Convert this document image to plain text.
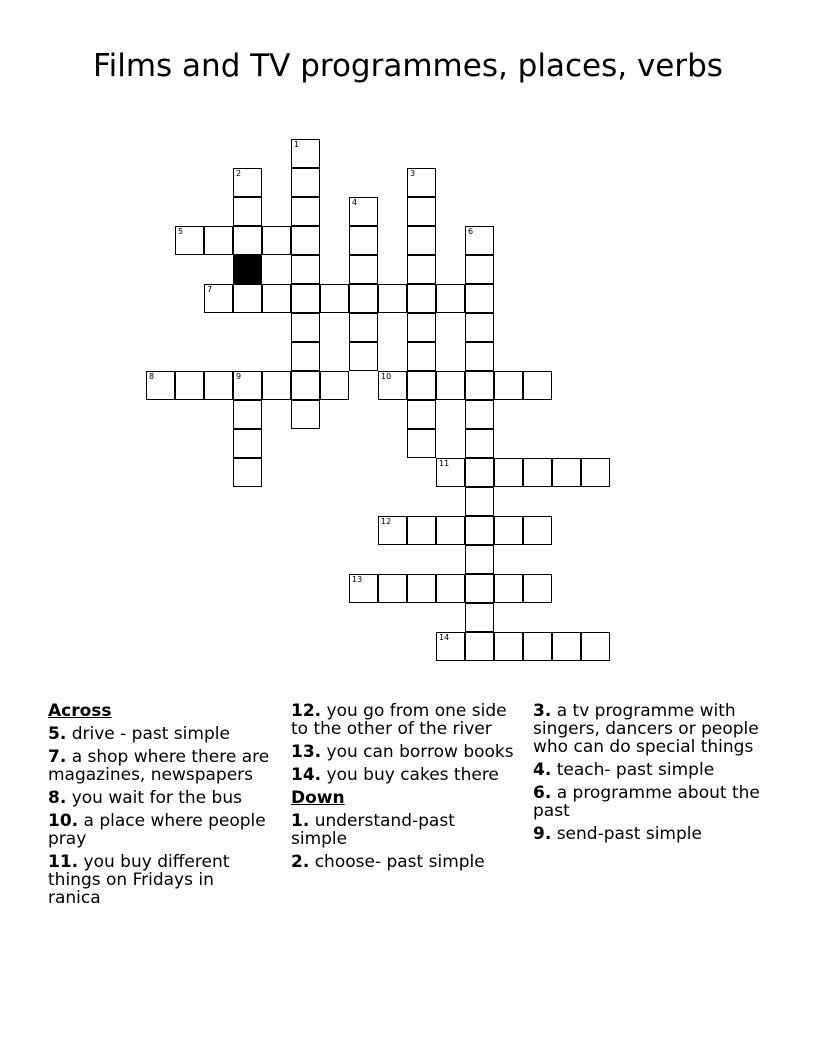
Films and TV programmes, places, verbs
1
2	3
4
5	6
7
8	9	10
11
12
13
14
Across
5. drive - past simple
7. a shop where there are magazines, newspapers
8. you wait for the bus
10. a place where people pray
11. you buy different things on Fridays in ranica
12. you go from one side to the other of the river
13. you can borrow books
14. you buy cakes there
Down
1. understand-past simple
2. choose- past simple
3. a tv programme with singers, dancers or people who can do special things
4. teach- past simple
6. a programme about the past
9. send-past simple
